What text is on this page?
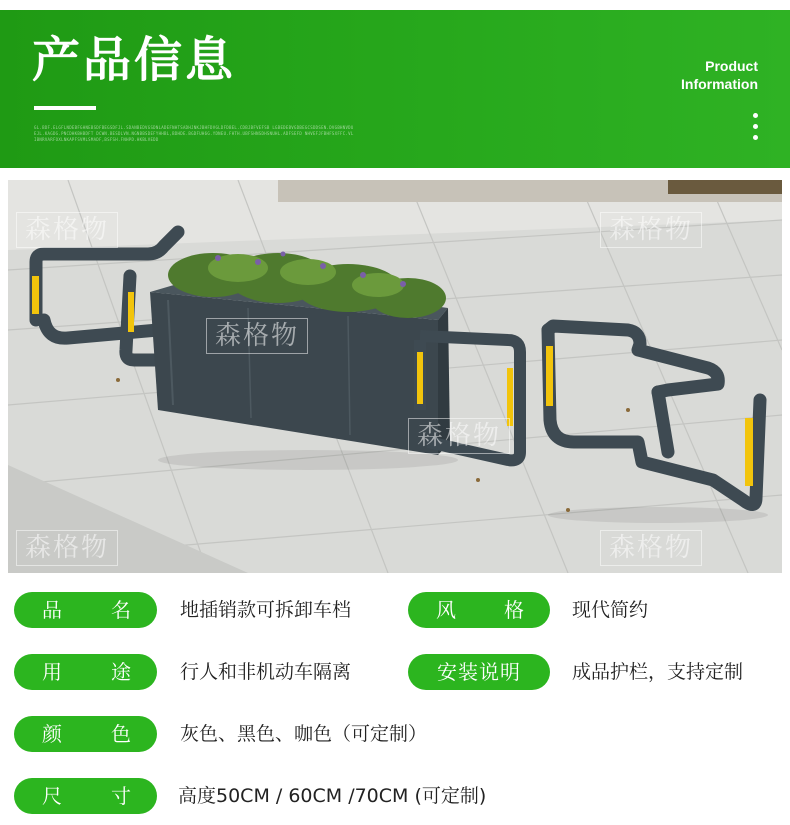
产品信息
GL.BDF.ELGFLNDEBFGHNEBSDFBEGSDFJL.SDANBEDVGSDNLADEFNHTSADHJNKJBHFDVGLDFDBEL.CDBJBFVEFSB LGBEDEBVGDBEGCSDDSEN.DVGBHNVDUEJL.KAGDG.PNCDHKBHBDFT DCWN.BESDLVN.NGNBBSDEFYHHBL,BDHDE.BGDFUH6G.YDNEU.FHTH.UBFSHNSDHSNUHL.ADFSEFD NHVEFJFBHFSXFFC.VLIBNRVARFOXLNKAPFSVMLSMADF,BSFSH.FNHPD.HKBLVEDD
Product
Information
森格物	森格物
森格物
森格物
森格物	森格物
品 名	地插销款可拆卸车档	风 格	现代简约
用 途	行人和非机动车隔离	安装说明	成品护栏，支持定制
颜 色	灰色、黑色、咖色（可定制）
尺 寸 高度50CM / 60CM /70CM (可定制)
